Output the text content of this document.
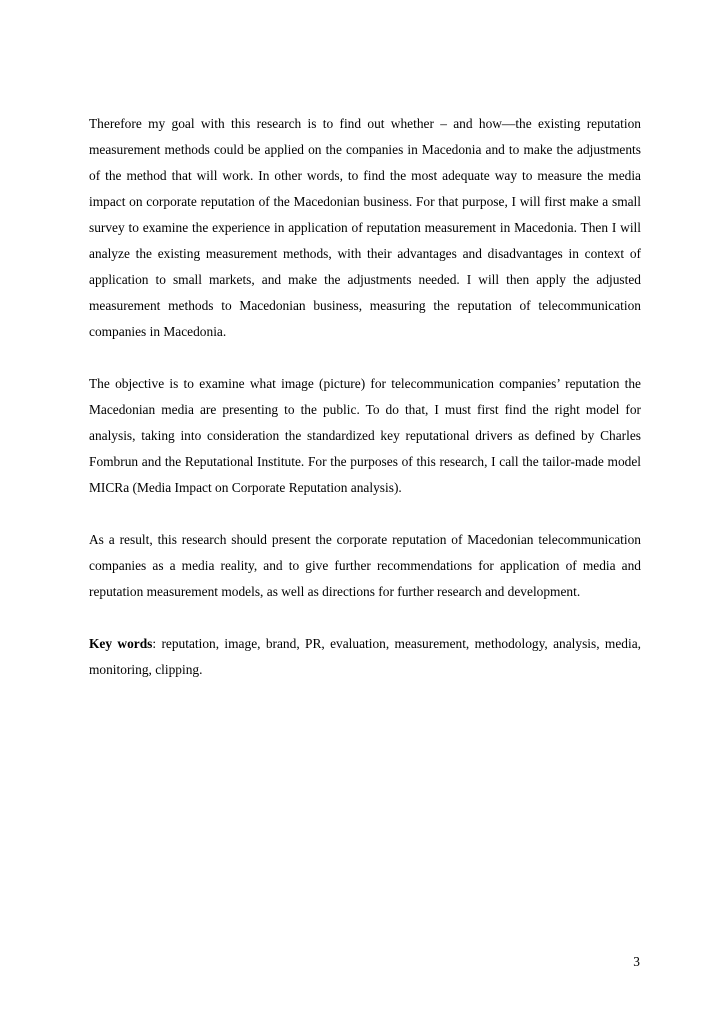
Therefore my goal with this research is to find out whether – and how—the existing reputation measurement methods could be applied on the companies in Macedonia and to make the adjustments of the method that will work. In other words, to find the most adequate way to measure the media impact on corporate reputation of the Macedonian business. For that purpose, I will first make a small survey to examine the experience in application of reputation measurement in Macedonia. Then I will analyze the existing measurement methods, with their advantages and disadvantages in context of application to small markets, and make the adjustments needed. I will then apply the adjusted measurement methods to Macedonian business, measuring the reputation of telecommunication companies in Macedonia.

The objective is to examine what image (picture) for telecommunication companies’ reputation the Macedonian media are presenting to the public. To do that, I must first find the right model for analysis, taking into consideration the standardized key reputational drivers as defined by Charles Fombrun and the Reputational Institute. For the purposes of this research, I call the tailor-made model MICRa (Media Impact on Corporate Reputation analysis).

As a result, this research should present the corporate reputation of Macedonian telecommunication companies as a media reality, and to give further recommendations for application of media and reputation measurement models, as well as directions for further research and development.

Key words: reputation, image, brand, PR, evaluation, measurement, methodology, analysis, media, monitoring, clipping.

3
